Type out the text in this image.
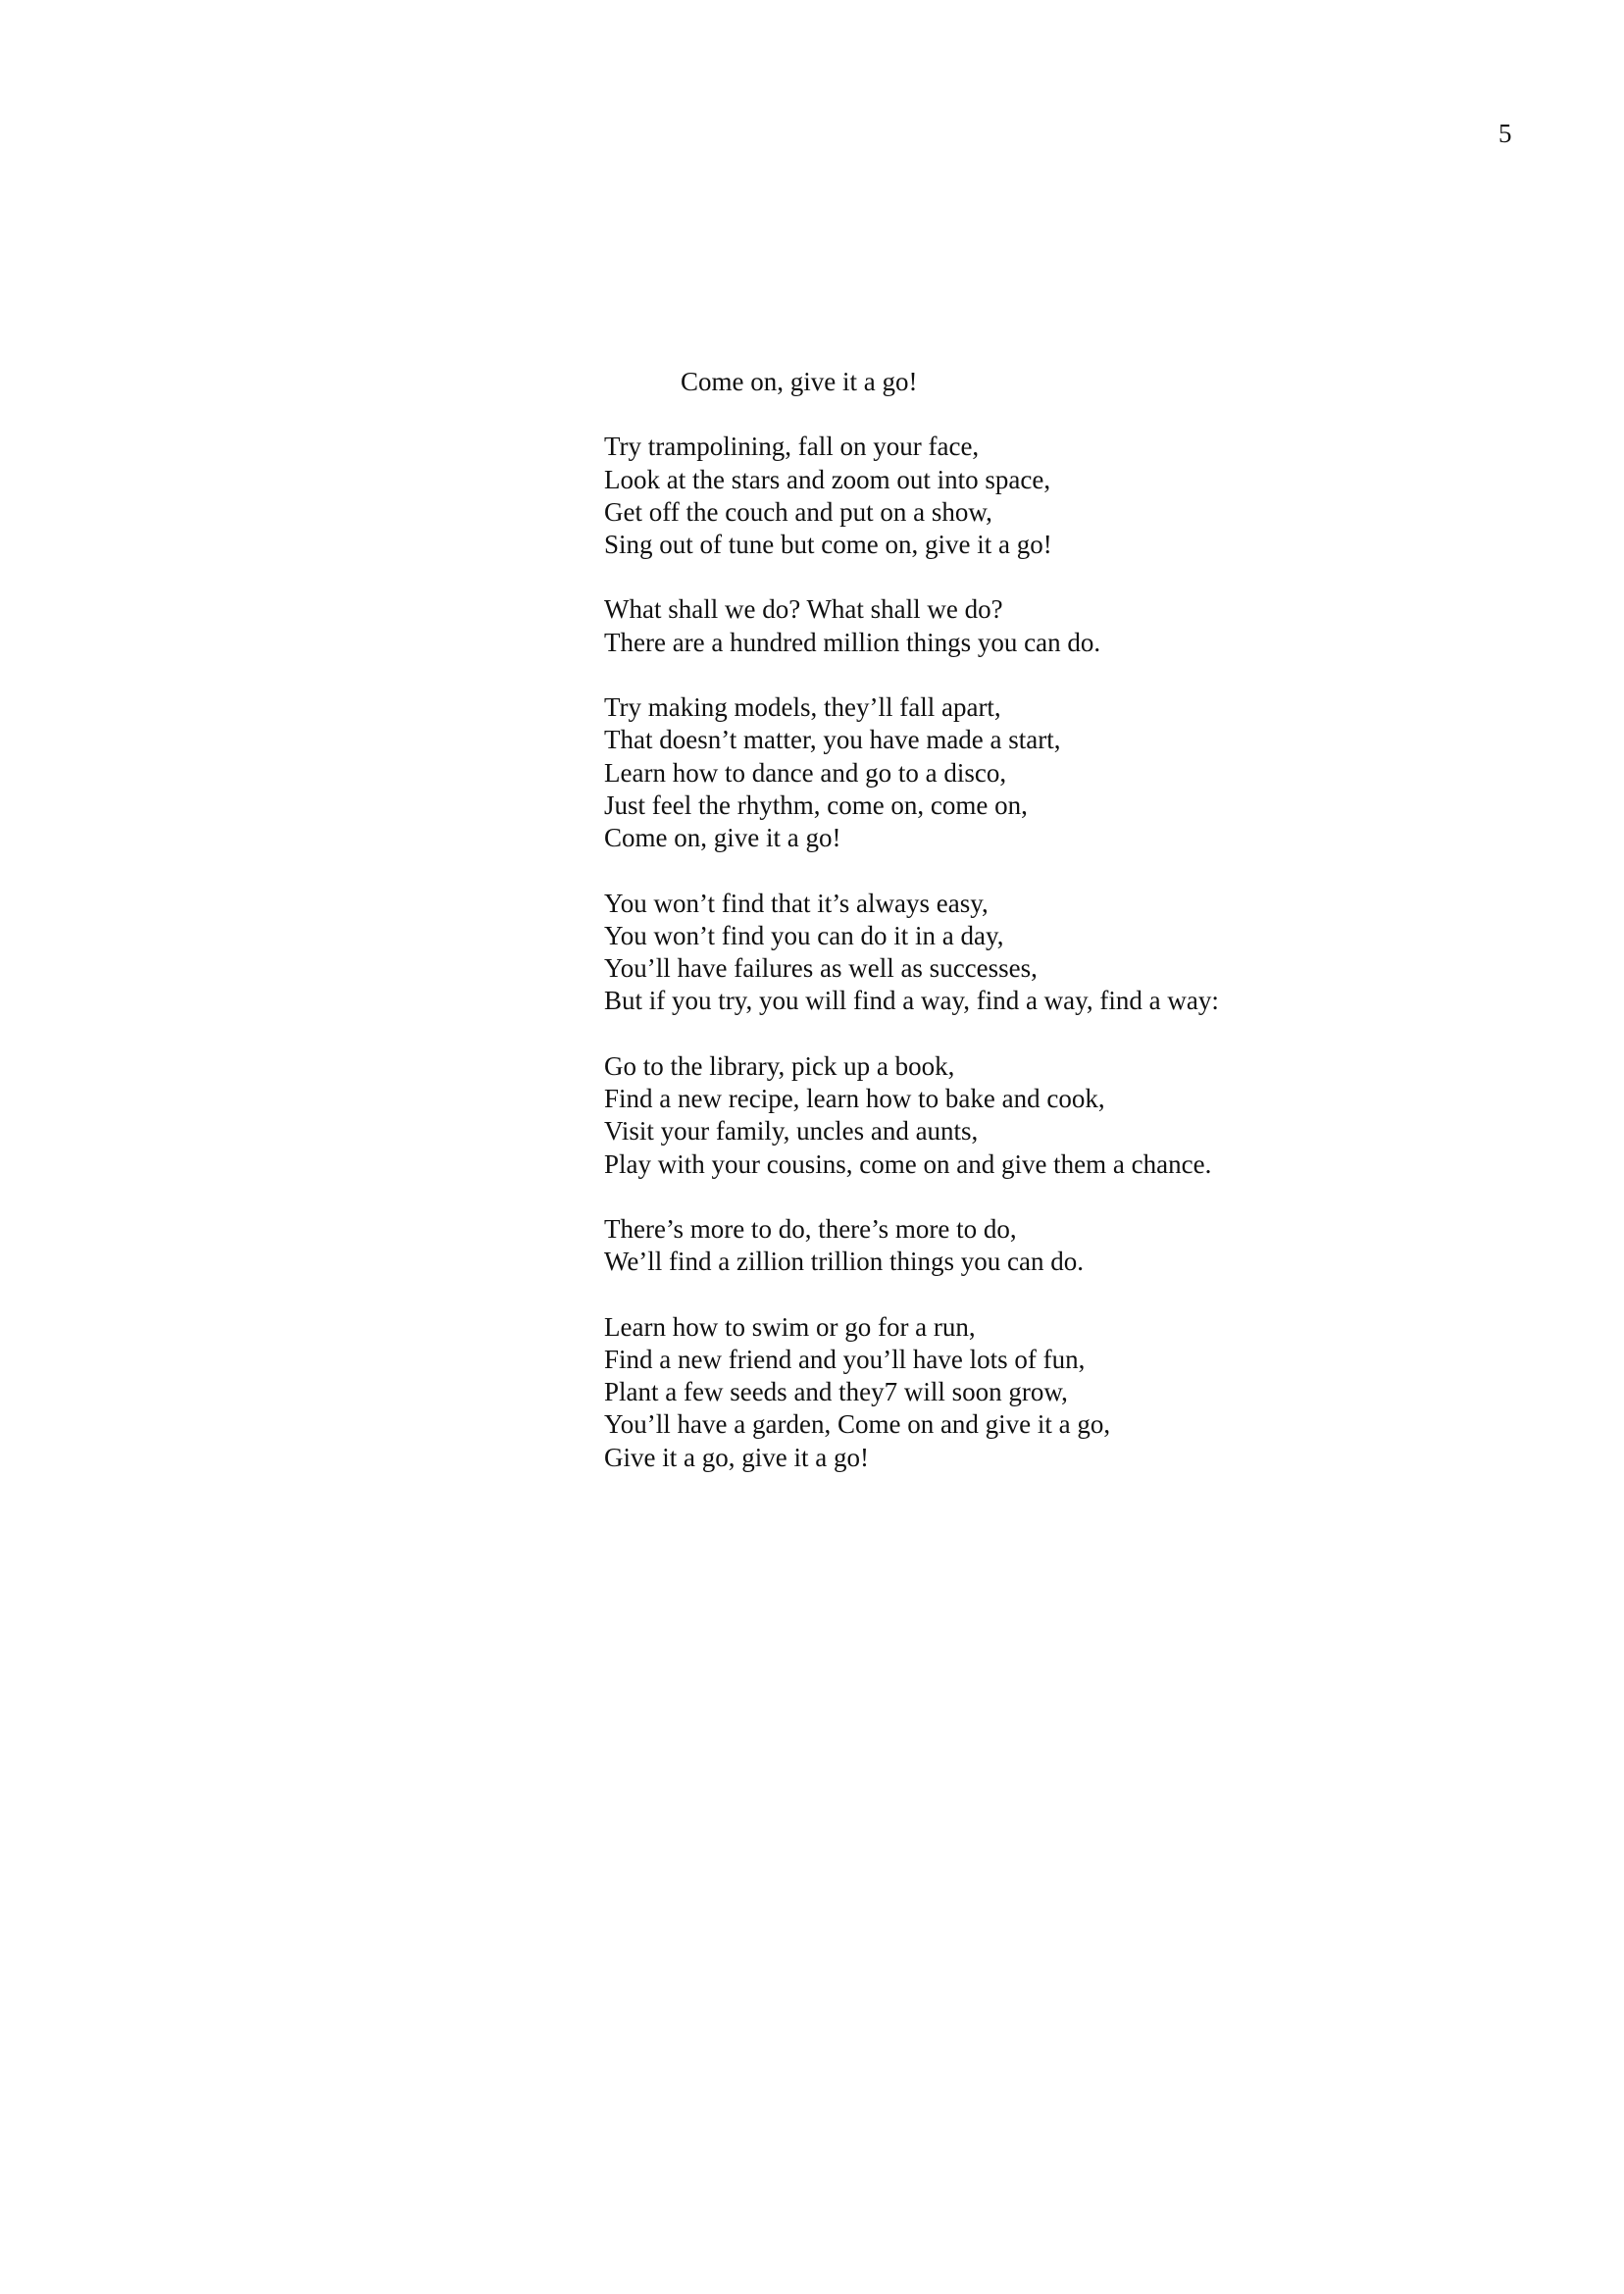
5
Come on, give it a go!
Try trampolining, fall on your face,
Look at the stars and zoom out into space,
Get off the couch and put on a show,
Sing out of tune but come on, give it a go!
What shall we do? What shall we do?
There are a hundred million things you can do.
Try making models, they’ll fall apart,
That doesn’t matter, you have made a start,
Learn how to dance and go to a disco,
Just feel the rhythm, come on, come on,
Come on, give it a go!
You won’t find that it’s always easy,
You won’t find you can do it in a day,
You’ll have failures as well as successes,
But if you try, you will find a way, find a way, find a way:
Go to the library, pick up a book,
Find a new recipe, learn how to bake and cook,
Visit your family, uncles and aunts,
Play with your cousins, come on and give them a chance.
There’s more to do, there’s more to do,
We’ll find a zillion trillion things you can do.
Learn how to swim or go for a run,
Find a new friend and you’ll have lots of fun,
Plant a few seeds and they7 will soon grow,
You’ll have a garden, Come on and give it a go,
Give it a go, give it a go!
